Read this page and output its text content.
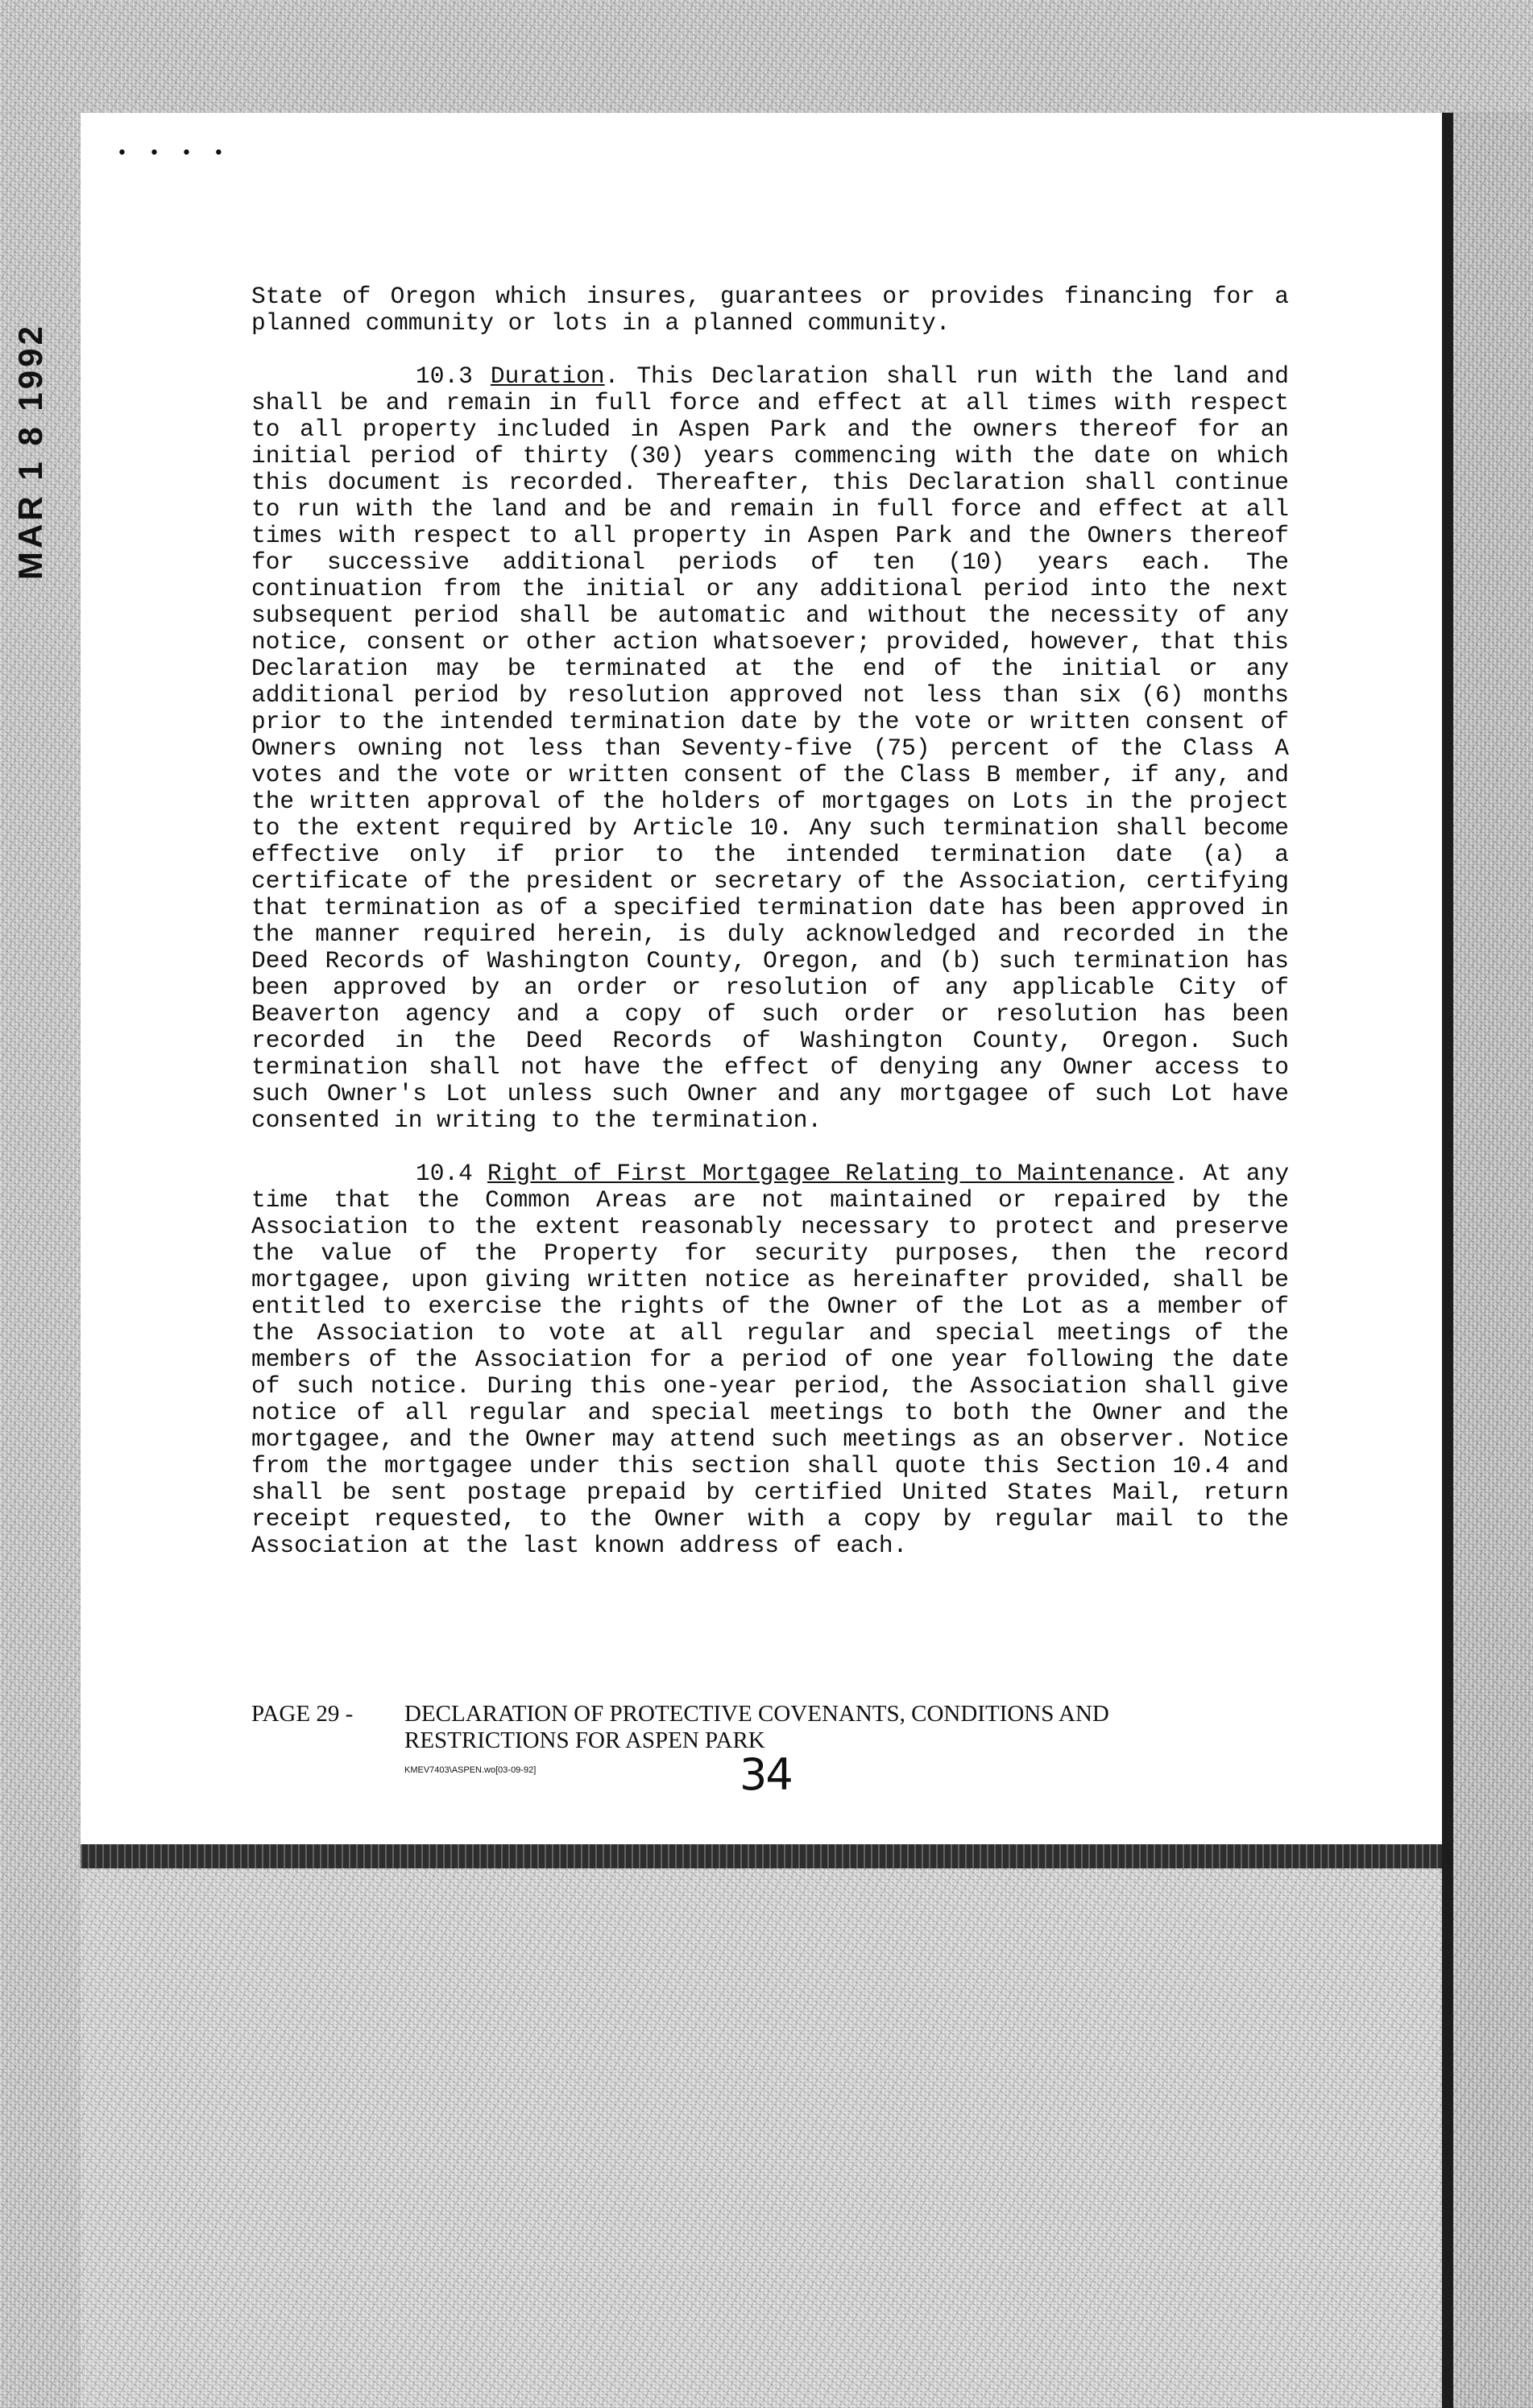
MAR 1 8 1992
• • • •

State of Oregon which insures, guarantees or provides financing for a planned community or lots in a planned community.

10.3 Duration. This Declaration shall run with the land and shall be and remain in full force and effect at all times with respect to all property included in Aspen Park and the owners thereof for an initial period of thirty (30) years commencing with the date on which this document is recorded. Thereafter, this Declaration shall continue to run with the land and be and remain in full force and effect at all times with respect to all property in Aspen Park and the Owners thereof for successive additional periods of ten (10) years each. The continuation from the initial or any additional period into the next subsequent period shall be automatic and without the necessity of any notice, consent or other action whatsoever; provided, however, that this Declaration may be terminated at the end of the initial or any additional period by resolution approved not less than six (6) months prior to the intended termination date by the vote or written consent of Owners owning not less than Seventy-five (75) percent of the Class A votes and the vote or written consent of the Class B member, if any, and the written approval of the holders of mortgages on Lots in the project to the extent required by Article 10. Any such termination shall become effective only if prior to the intended termination date (a) a certificate of the president or secretary of the Association, certifying that termination as of a specified termination date has been approved in the manner required herein, is duly acknowledged and recorded in the Deed Records of Washington County, Oregon, and (b) such termination has been approved by an order or resolution of any applicable City of Beaverton agency and a copy of such order or resolution has been recorded in the Deed Records of Washington County, Oregon. Such termination shall not have the effect of denying any Owner access to such Owner's Lot unless such Owner and any mortgagee of such Lot have consented in writing to the termination.

10.4 Right of First Mortgagee Relating to Maintenance. At any time that the Common Areas are not maintained or repaired by the Association to the extent reasonably necessary to protect and preserve the value of the Property for security purposes, then the record mortgagee, upon giving written notice as hereinafter provided, shall be entitled to exercise the rights of the Owner of the Lot as a member of the Association to vote at all regular and special meetings of the members of the Association for a period of one year following the date of such notice. During this one-year period, the Association shall give notice of all regular and special meetings to both the Owner and the mortgagee, and the Owner may attend such meetings as an observer. Notice from the mortgagee under this section shall quote this Section 10.4 and shall be sent postage prepaid by certified United States Mail, return receipt requested, to the Owner with a copy by regular mail to the Association at the last known address of each.

PAGE 29 -	DECLARATION OF PROTECTIVE COVENANTS, CONDITIONS AND
RESTRICTIONS FOR ASPEN PARK
KMEV7403\ASPEN.wo[03-09-92]	34
